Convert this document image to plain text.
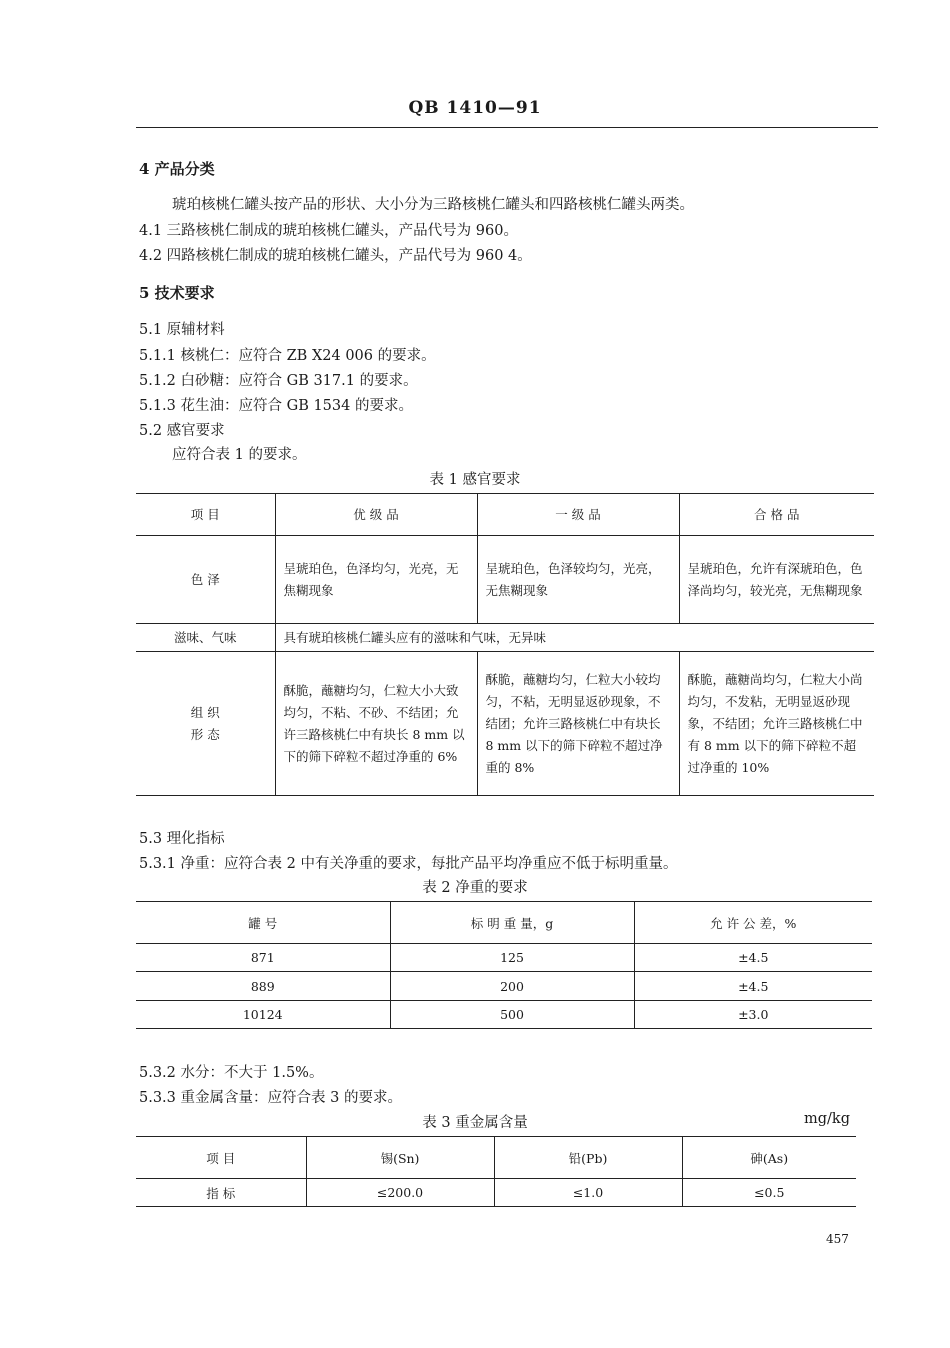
QB 1410—91
4 产品分类
琥珀核桃仁罐头按产品的形状、大小分为三路核桃仁罐头和四路核桃仁罐头两类。
4.1 三路核桃仁制成的琥珀核桃仁罐头，产品代号为 960。
4.2 四路核桃仁制成的琥珀核桃仁罐头，产品代号为 960 4。
5 技术要求
5.1 原辅材料
5.1.1 核桃仁：应符合 ZB X24 006 的要求。
5.1.2 白砂糖：应符合 GB 317.1 的要求。
5.1.3 花生油：应符合 GB 1534 的要求。
5.2 感官要求
应符合表 1 的要求。
表 1 感官要求
项 目	优 级 品	一 级 品	合 格 品
色 泽	呈琥珀色，色泽均匀，光亮，无焦糊现象	呈琥珀色，色泽较均匀，光亮，无焦糊现象	呈琥珀色，允许有深琥珀色，色泽尚均匀，较光亮，无焦糊现象
滋味、气味	具有琥珀核桃仁罐头应有的滋味和气味，无异味		

组 织
形 态	酥脆，蘸糖均匀，仁粒大小大致均匀，不粘、不砂、不结团；允许三路核桃仁中有块长 8 mm 以下的筛下碎粒不超过净重的 6%	酥脆，蘸糖均匀，仁粒大小较均匀，不粘，无明显返砂现象，不结团；允许三路核桃仁中有块长 8 mm 以下的筛下碎粒不超过净重的 8%	酥脆，蘸糖尚均匀，仁粒大小尚均匀，不发粘，无明显返砂现象，不结团；允许三路核桃仁中有 8 mm 以下的筛下碎粒不超过净重的 10%
5.3 理化指标
5.3.1 净重：应符合表 2 中有关净重的要求，每批产品平均净重应不低于标明重量。
表 2 净重的要求
罐 号	标 明 重 量，g	允 许 公 差，%
871	125	±4.5
889	200	±4.5
10124	500	±3.0
5.3.2 水分：不大于 1.5%。
5.3.3 重金属含量：应符合表 3 的要求。
表 3 重金属含量	mg/kg
项 目	锡(Sn)	铅(Pb)	砷(As)
指 标	≤200.0	≤1.0	≤0.5
457
